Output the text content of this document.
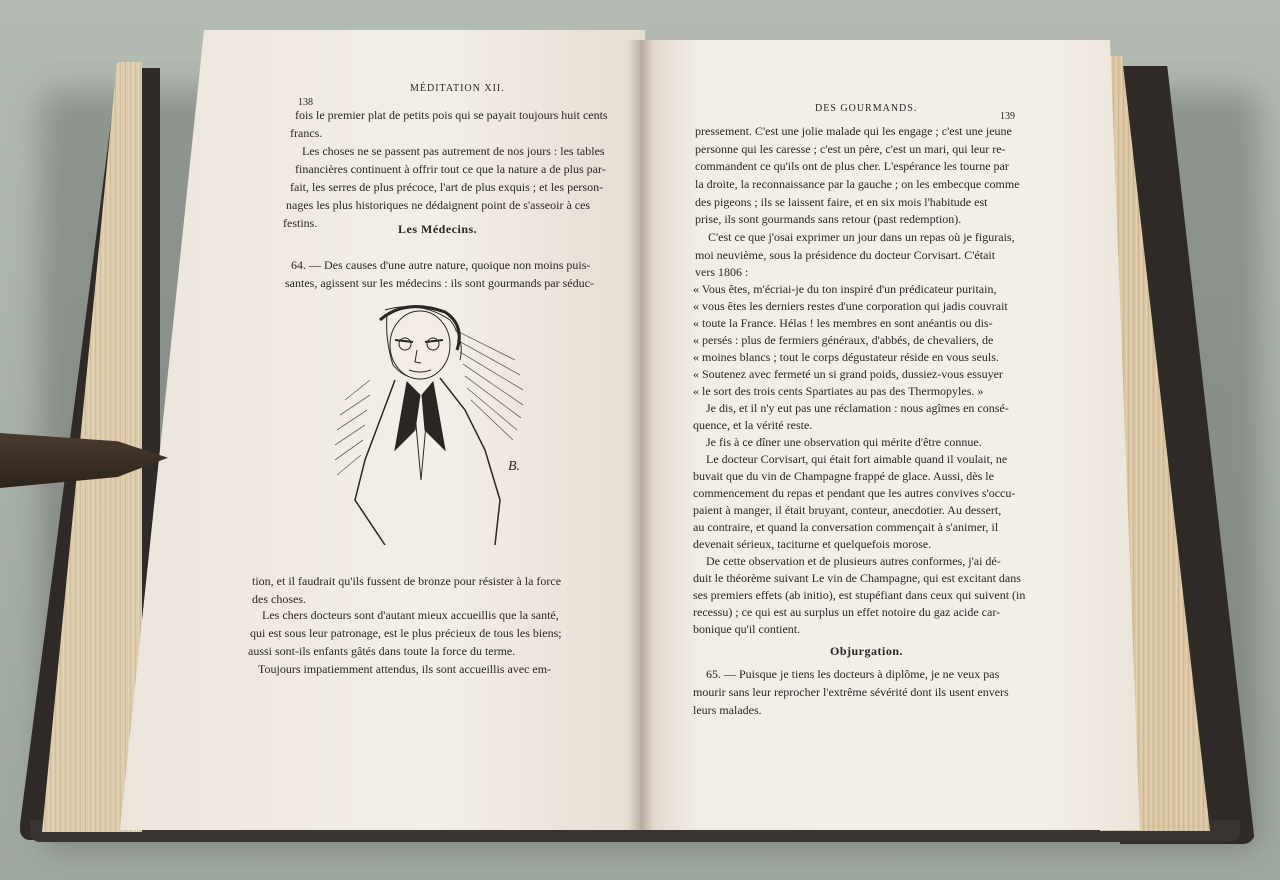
138
MÉDITATION XII.
fois le premier plat de petits pois qui se payait toujours huit cents
francs.
Les choses ne se passent pas autrement de nos jours : les tables
financières continuent à offrir tout ce que la nature a de plus par-
fait, les serres de plus précoce, l'art de plus exquis ; et les person-
nages les plus historiques ne dédaignent point de s'asseoir à ces
festins.	Les Médecins.
64. — Des causes d'une autre nature, quoique non moins puis-
santes, agissent sur les médecins : ils sont gourmands par séduc-
B.
tion, et il faudrait qu'ils fussent de bronze pour résister à la force
des choses.
Les chers docteurs sont d'autant mieux accueillis que la santé,
qui est sous leur patronage, est le plus précieux de tous les biens;
aussi sont-ils enfants gâtés dans toute la force du terme.
Toujours impatiemment attendus, ils sont accueillis avec em-
DES GOURMANDS.
139
pressement. C'est une jolie malade qui les engage ; c'est une jeune
personne qui les caresse ; c'est un père, c'est un mari, qui leur re-
commandent ce qu'ils ont de plus cher. L'espérance les tourne par
la droite, la reconnaissance par la gauche ; on les embecque comme
des pigeons ; ils se laissent faire, et en six mois l'habitude est
prise, ils sont gourmands sans retour (past redemption).
C'est ce que j'osai exprimer un jour dans un repas où je figurais,
moi neuvième, sous la présidence du docteur Corvisart. C'était
vers 1806 :
« Vous êtes, m'écriai-je du ton inspiré d'un prédicateur puritain,
« vous êtes les derniers restes d'une corporation qui jadis couvrait
« toute la France. Hélas ! les membres en sont anéantis ou dis-
« persés : plus de fermiers généraux, d'abbés, de chevaliers, de
« moines blancs ; tout le corps dégustateur réside en vous seuls.
« Soutenez avec fermeté un si grand poids, dussiez-vous essuyer
« le sort des trois cents Spartiates au pas des Thermopyles. »
Je dis, et il n'y eut pas une réclamation : nous agîmes en consé-
quence, et la vérité reste.
Je fis à ce dîner une observation qui mérite d'être connue.
Le docteur Corvisart, qui était fort aimable quand il voulait, ne
buvait que du vin de Champagne frappé de glace. Aussi, dès le
commencement du repas et pendant que les autres convives s'occu-
paient à manger, il était bruyant, conteur, anecdotier. Au dessert,
au contraire, et quand la conversation commençait à s'animer, il
devenait sérieux, taciturne et quelquefois morose.
De cette observation et de plusieurs autres conformes, j'ai dé-
duit le théorème suivant Le vin de Champagne, qui est excitant dans
ses premiers effets (ab initio), est stupéfiant dans ceux qui suivent (in
recessu) ; ce qui est au surplus un effet notoire du gaz acide car-
bonique qu'il contient.
Objurgation.
65. — Puisque je tiens les docteurs à diplôme, je ne veux pas
mourir sans leur reprocher l'extrême sévérité dont ils usent envers
leurs malades.
